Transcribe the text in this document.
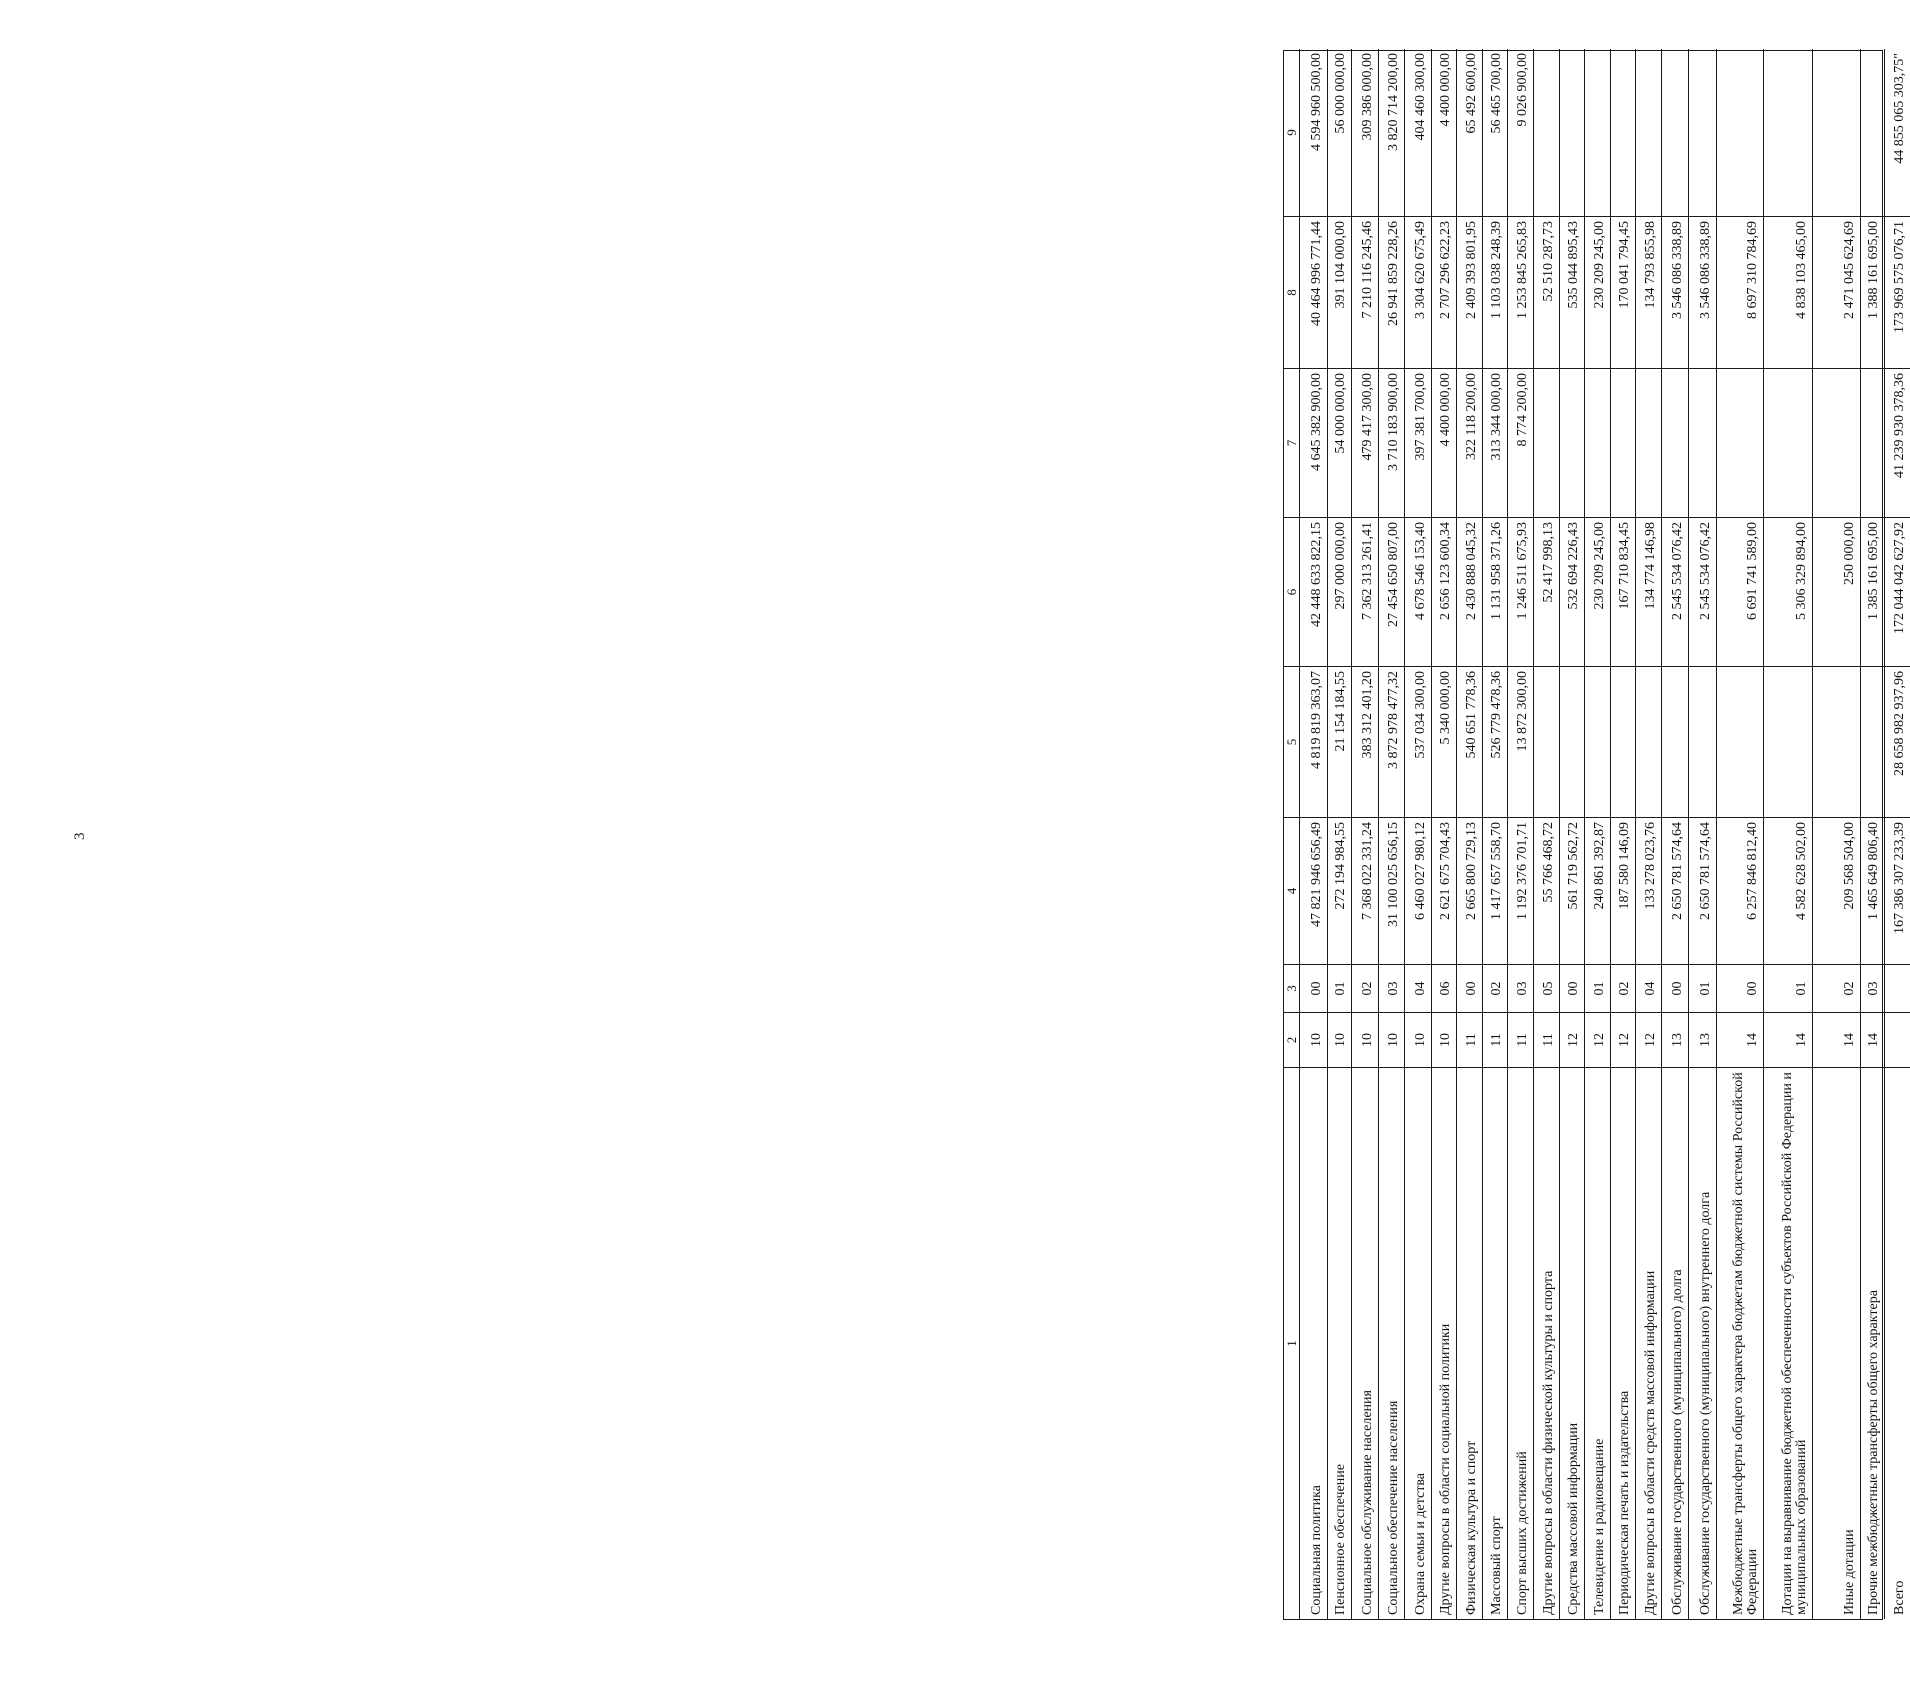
3
1
2
3
4
5
6
7
8
9
Социальная политика
10
00
47 821 946 656,49
4 819 819 363,07
42 448 633 822,15
4 645 382 900,00
40 464 996 771,44
4 594 960 500,00
Пенсионное обеспечение
10
01
272 194 984,55
21 154 184,55
297 000 000,00
54 000 000,00
391 104 000,00
56 000 000,00
Социальное обслуживание населения
10
02
7 368 022 331,24
383 312 401,20
7 362 313 261,41
479 417 300,00
7 210 116 245,46
309 386 000,00
Социальное обеспечение населения
10
03
31 100 025 656,15
3 872 978 477,32
27 454 650 807,00
3 710 183 900,00
26 941 859 228,26
3 820 714 200,00
Охрана семьи и детства
10
04
6 460 027 980,12
537 034 300,00
4 678 546 153,40
397 381 700,00
3 304 620 675,49
404 460 300,00
Другие вопросы в области социальной политики
10
06
2 621 675 704,43
5 340 000,00
2 656 123 600,34
4 400 000,00
2 707 296 622,23
4 400 000,00
Физическая культура и спорт
11
00
2 665 800 729,13
540 651 778,36
2 430 888 045,32
322 118 200,00
2 409 393 801,95
65 492 600,00
Массовый спорт
11
02
1 417 657 558,70
526 779 478,36
1 131 958 371,26
313 344 000,00
1 103 038 248,39
56 465 700,00
Спорт высших достижений
11
03
1 192 376 701,71
13 872 300,00
1 246 511 675,93
8 774 200,00
1 253 845 265,83
9 026 900,00
Другие вопросы в области физической культуры и спорта
11
05
55 766 468,72
52 417 998,13
52 510 287,73
Средства массовой информации
12
00
561 719 562,72
532 694 226,43
535 044 895,43
Телевидение и радиовещание
12
01
240 861 392,87
230 209 245,00
230 209 245,00
Периодическая печать и издательства
12
02
187 580 146,09
167 710 834,45
170 041 794,45
Другие вопросы в области средств массовой информации
12
04
133 278 023,76
134 774 146,98
134 793 855,98
Обслуживание государственного (муниципального) долга
13
00
2 650 781 574,64
2 545 534 076,42
3 546 086 338,89
Обслуживание государственного (муниципального) внутреннего долга
13
01
2 650 781 574,64
2 545 534 076,42
3 546 086 338,89
Межбюджетные трансферты общего характера бюджетам бюджетной системы Российской Федерации
14
00
6 257 846 812,40
6 691 741 589,00
8 697 310 784,69
Дотации на выравнивание бюджетной обеспеченности субъектов Российской Федерации и муниципальных образований
14
01
4 582 628 502,00
5 306 329 894,00
4 838 103 465,00
Иные дотации
14
02
209 568 504,00
250 000,00
2 471 045 624,69
Прочие межбюджетные трансферты общего характера
14
03
1 465 649 806,40
1 385 161 695,00
1 388 161 695,00
Всего
167 386 307 233,39
28 658 982 937,96
172 044 042 627,92
41 239 930 378,36
173 969 575 076,71
44 855 065 303,75"
